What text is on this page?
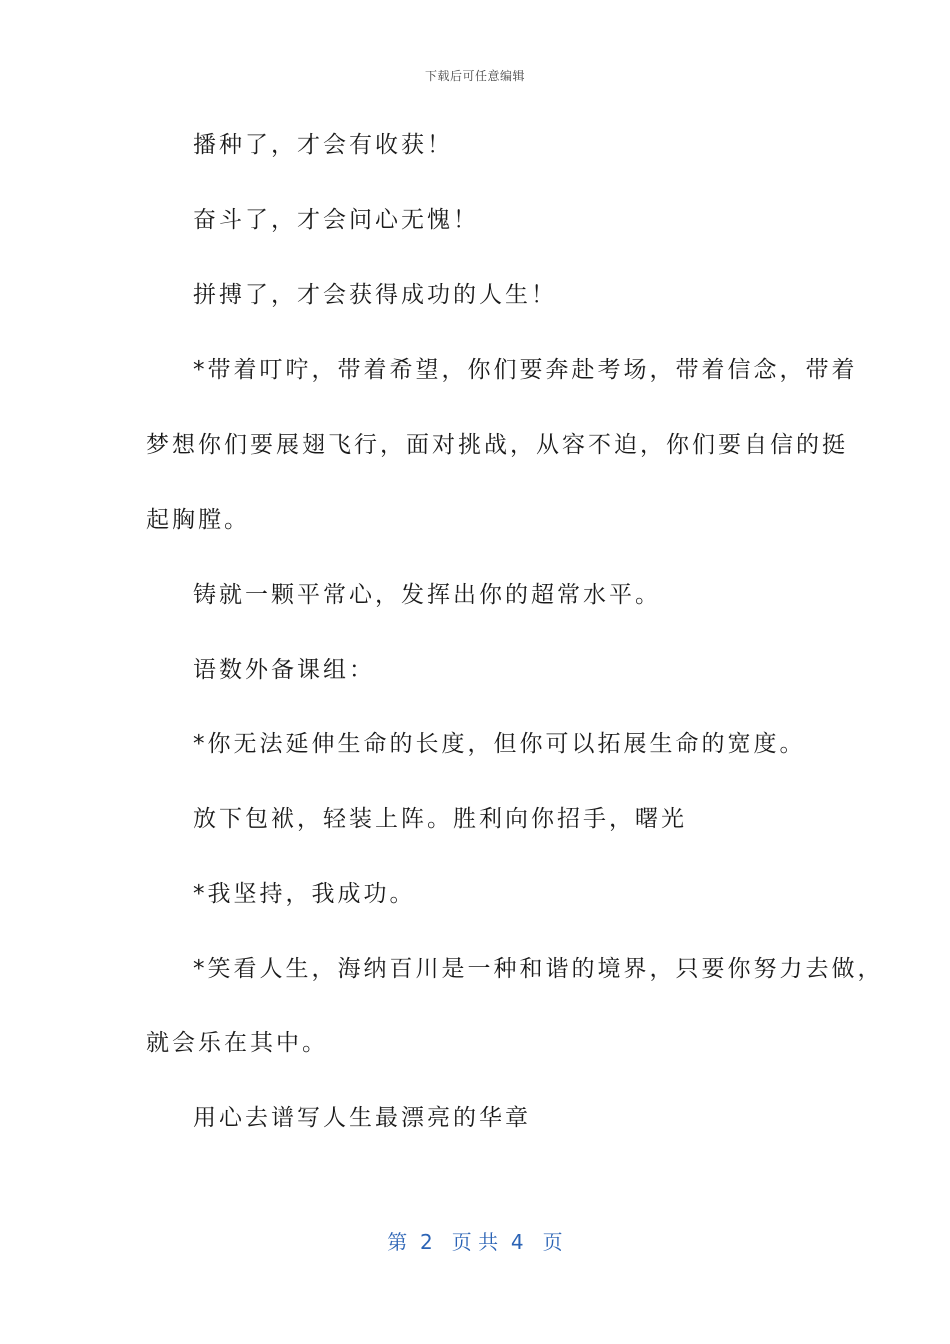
下载后可任意编辑
播种了，才会有收获！
奋斗了，才会问心无愧！
拼搏了，才会获得成功的人生！
*带着叮咛，带着希望，你们要奔赴考场，带着信念，带着
梦想你们要展翅飞行，面对挑战，从容不迫，你们要自信的挺
起胸膛。
铸就一颗平常心，发挥出你的超常水平。
语数外备课组：
*你无法延伸生命的长度，但你可以拓展生命的宽度。
放下包袱，轻装上阵。胜利向你招手，曙光
*我坚持，我成功。
*笑看人生，海纳百川是一种和谐的境界，只要你努力去做，
就会乐在其中。
用心去谱写人生最漂亮的华章
第  2   页 共  4   页
